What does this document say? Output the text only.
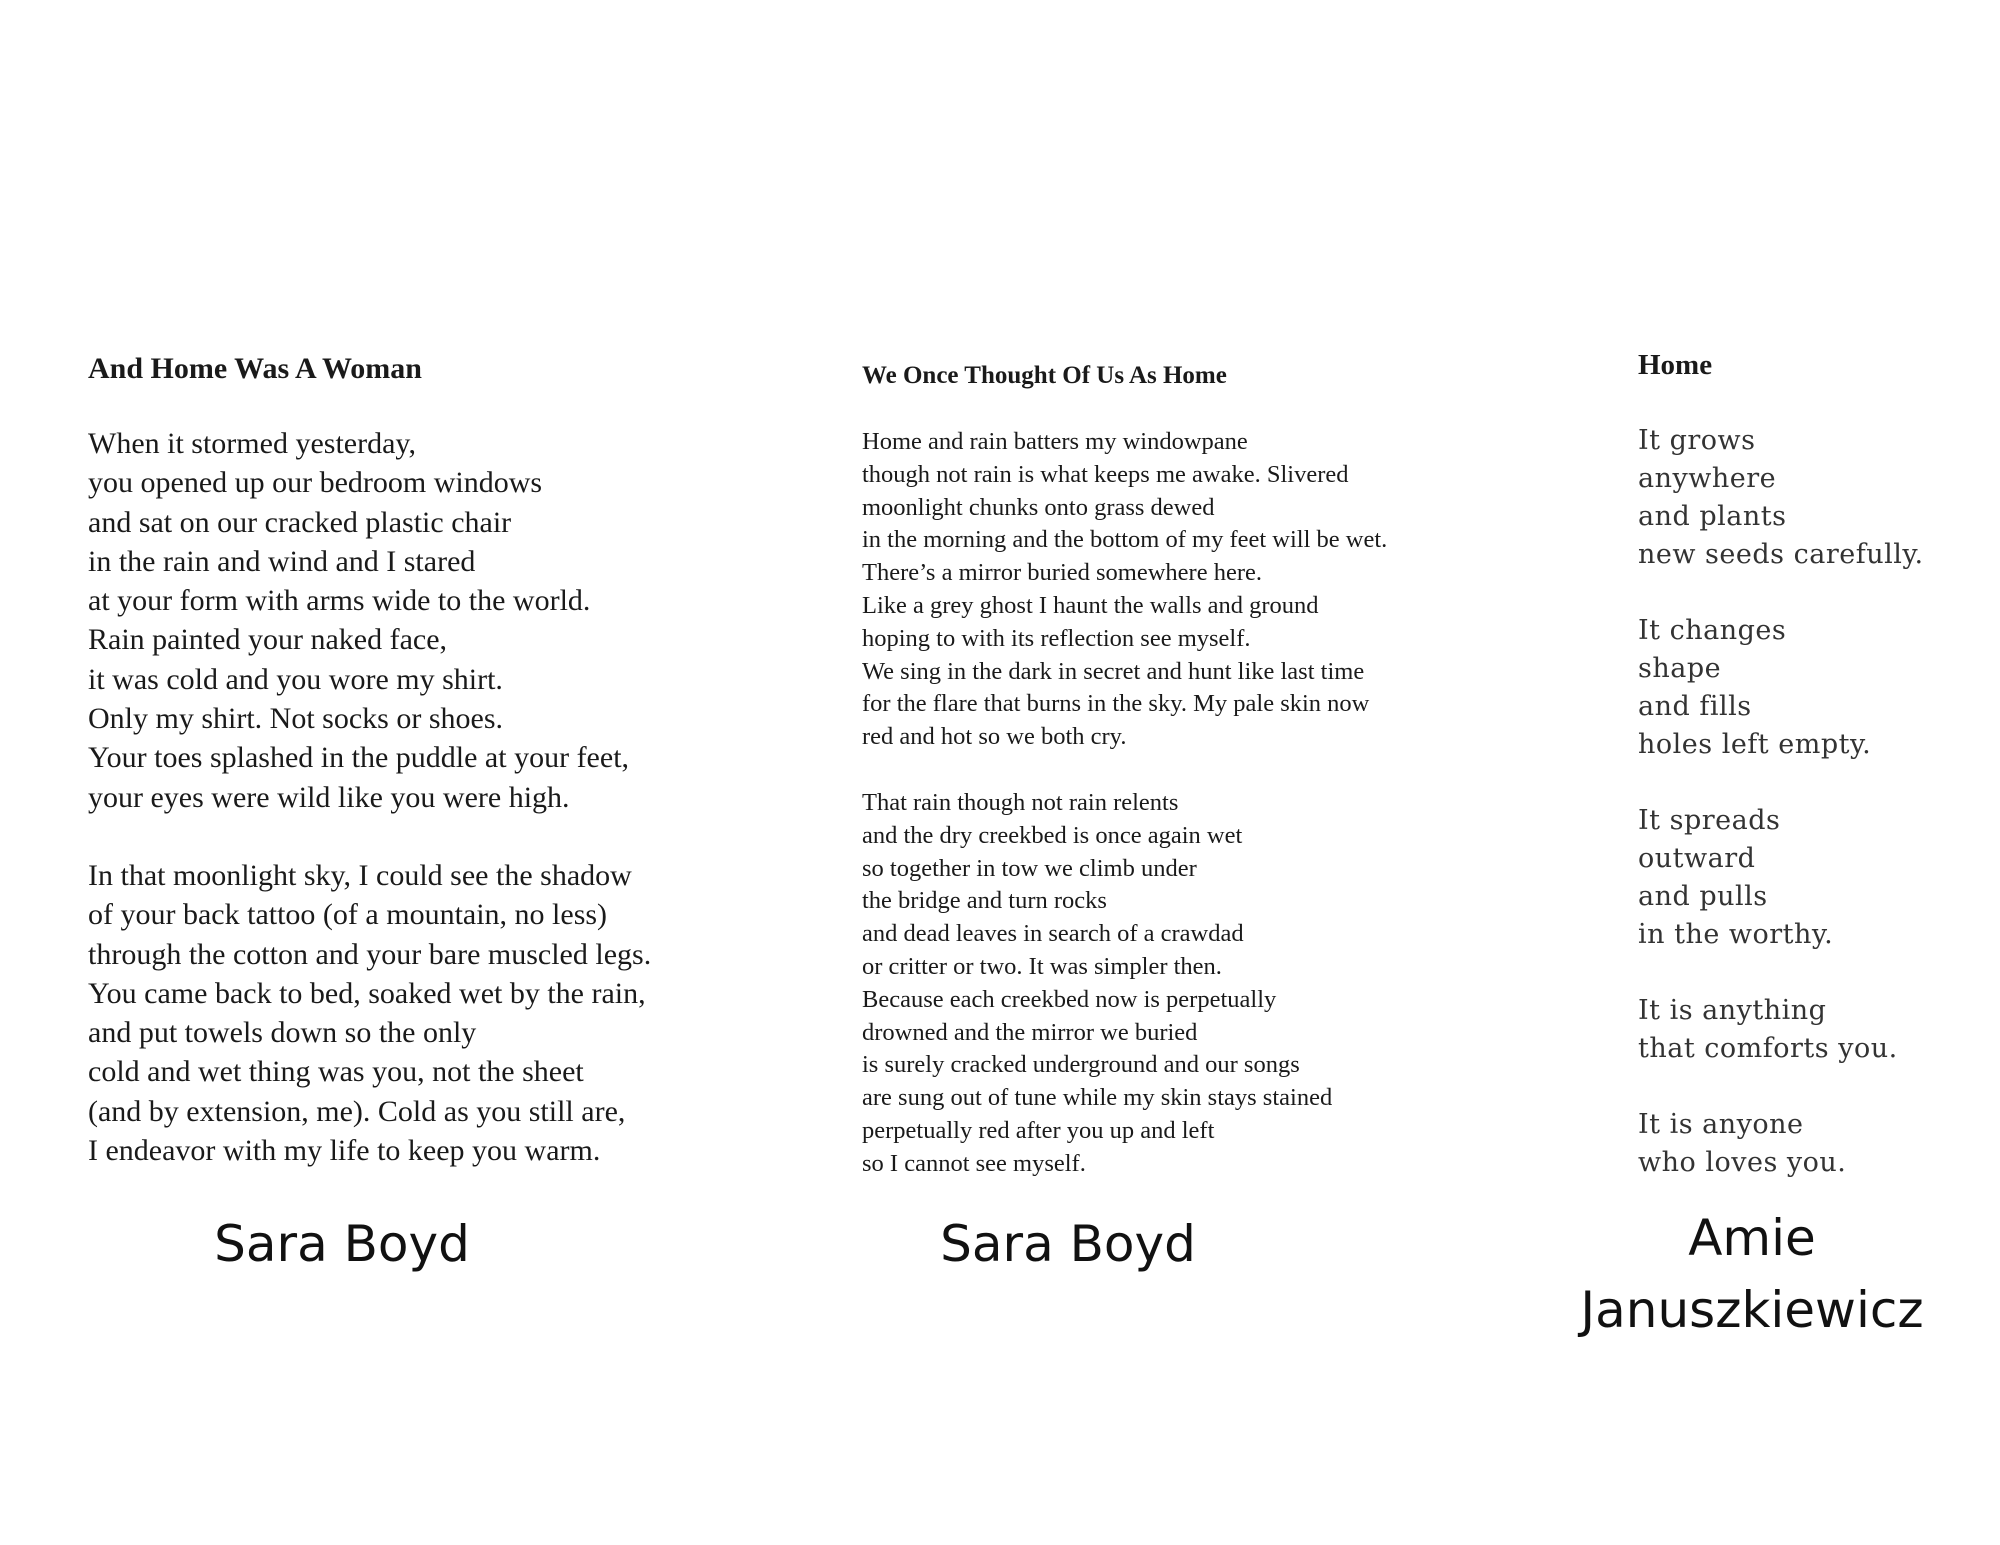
And Home Was A Woman

When it stormed yesterday,
you opened up our bedroom windows
and sat on our cracked plastic chair
in the rain and wind and I stared
at your form with arms wide to the world.
Rain painted your naked face,
it was cold and you wore my shirt.
Only my shirt. Not socks or shoes.
Your toes splashed in the puddle at your feet,
your eyes were wild like you were high.

In that moonlight sky, I could see the shadow
of your back tattoo (of a mountain, no less)
through the cotton and your bare muscled legs.
You came back to bed, soaked wet by the rain,
and put towels down so the only
cold and wet thing was you, not the sheet
(and by extension, me). Cold as you still are,
I endeavor with my life to keep you warm.

We Once Thought Of Us As Home

Home and rain batters my windowpane
though not rain is what keeps me awake. Slivered
moonlight chunks onto grass dewed
in the morning and the bottom of my feet will be wet.
There’s a mirror buried somewhere here.
Like a grey ghost I haunt the walls and ground
hoping to with its reflection see myself.
We sing in the dark in secret and hunt like last time
for the flare that burns in the sky. My pale skin now
red and hot so we both cry.

That rain though not rain relents
and the dry creekbed is once again wet
so together in tow we climb under
the bridge and turn rocks
and dead leaves in search of a crawdad
or critter or two. It was simpler then.
Because each creekbed now is perpetually
drowned and the mirror we buried
is surely cracked underground and our songs
are sung out of tune while my skin stays stained
perpetually red after you up and left
so I cannot see myself.

Home

It grows
anywhere
and plants
new seeds carefully.

It changes
shape
and fills
holes left empty.

It spreads
outward
and pulls
in the worthy.

It is anything
that comforts you.

It is anyone
who loves you.

Sara Boyd	Sara Boyd	Amie
Januszkiewicz
